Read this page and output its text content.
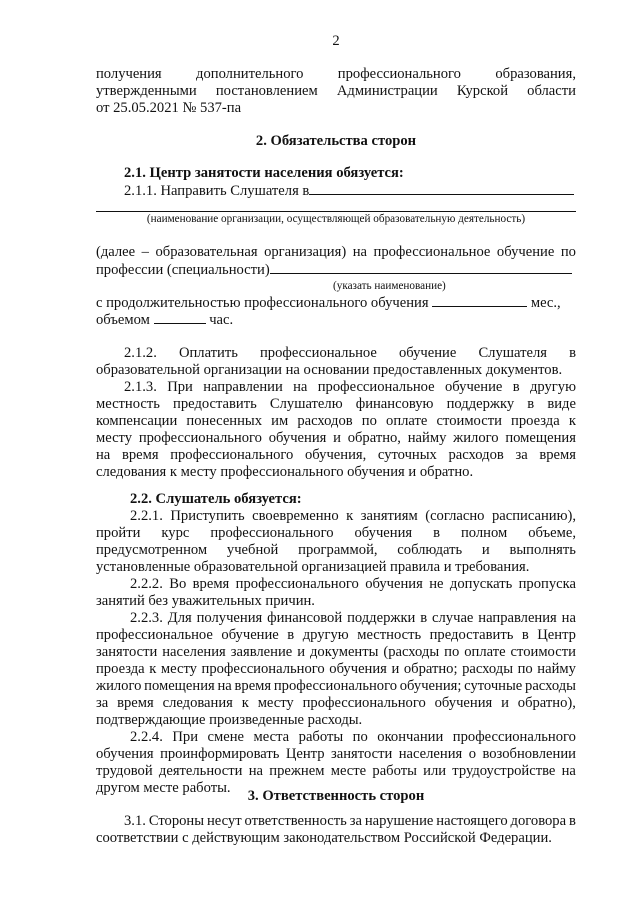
2
получения дополнительного профессионального образования,
утвержденными постановлением Администрации Курской области
от 25.05.2021 № 537-па
2. Обязательства сторон
2.1. Центр занятости населения обязуется:
2.1.1. Направить Слушателя в
(наименование организации, осуществляющей образовательную деятельность)
(далее – образовательная организация) на профессиональное обучение по
профессии (специальности)
(указать наименование)
с продолжительностью профессионального обучения	мес.,
объемом	час.
2.1.2. Оплатить профессиональное обучение Слушателя в
образовательной организации на основании предоставленных документов.
2.1.3. При направлении на профессиональное обучение в другую
местность предоставить Слушателю финансовую поддержку в виде
компенсации понесенных им расходов по оплате стоимости проезда к
месту профессионального обучения и обратно, найму жилого помещения
на время профессионального обучения, суточных расходов за время
следования к месту профессионального обучения и обратно.
2.2. Слушатель обязуется:
2.2.1. Приступить своевременно к занятиям (согласно расписанию),
пройти курс профессионального обучения в полном объеме,
предусмотренном учебной программой, соблюдать и выполнять
установленные образовательной организацией правила и требования.
2.2.2. Во время профессионального обучения не допускать пропуска
занятий без уважительных причин.
2.2.3. Для получения финансовой поддержки в случае направления на
профессиональное обучение в другую местность предоставить в Центр
занятости населения заявление и документы (расходы по оплате стоимости
проезда к месту профессионального обучения и обратно; расходы по найму
жилого помещения на время профессионального обучения; суточные расходы
за время следования к месту профессионального обучения и обратно),
подтверждающие произведенные расходы.
2.2.4. При смене места работы по окончании профессионального
обучения проинформировать Центр занятости населения о возобновлении
трудовой деятельности на прежнем месте работы или трудоустройстве на
другом месте работы.	3. Ответственность сторон
3.1. Стороны несут ответственность за нарушение настоящего договора в
соответствии с действующим законодательством Российской Федерации.
